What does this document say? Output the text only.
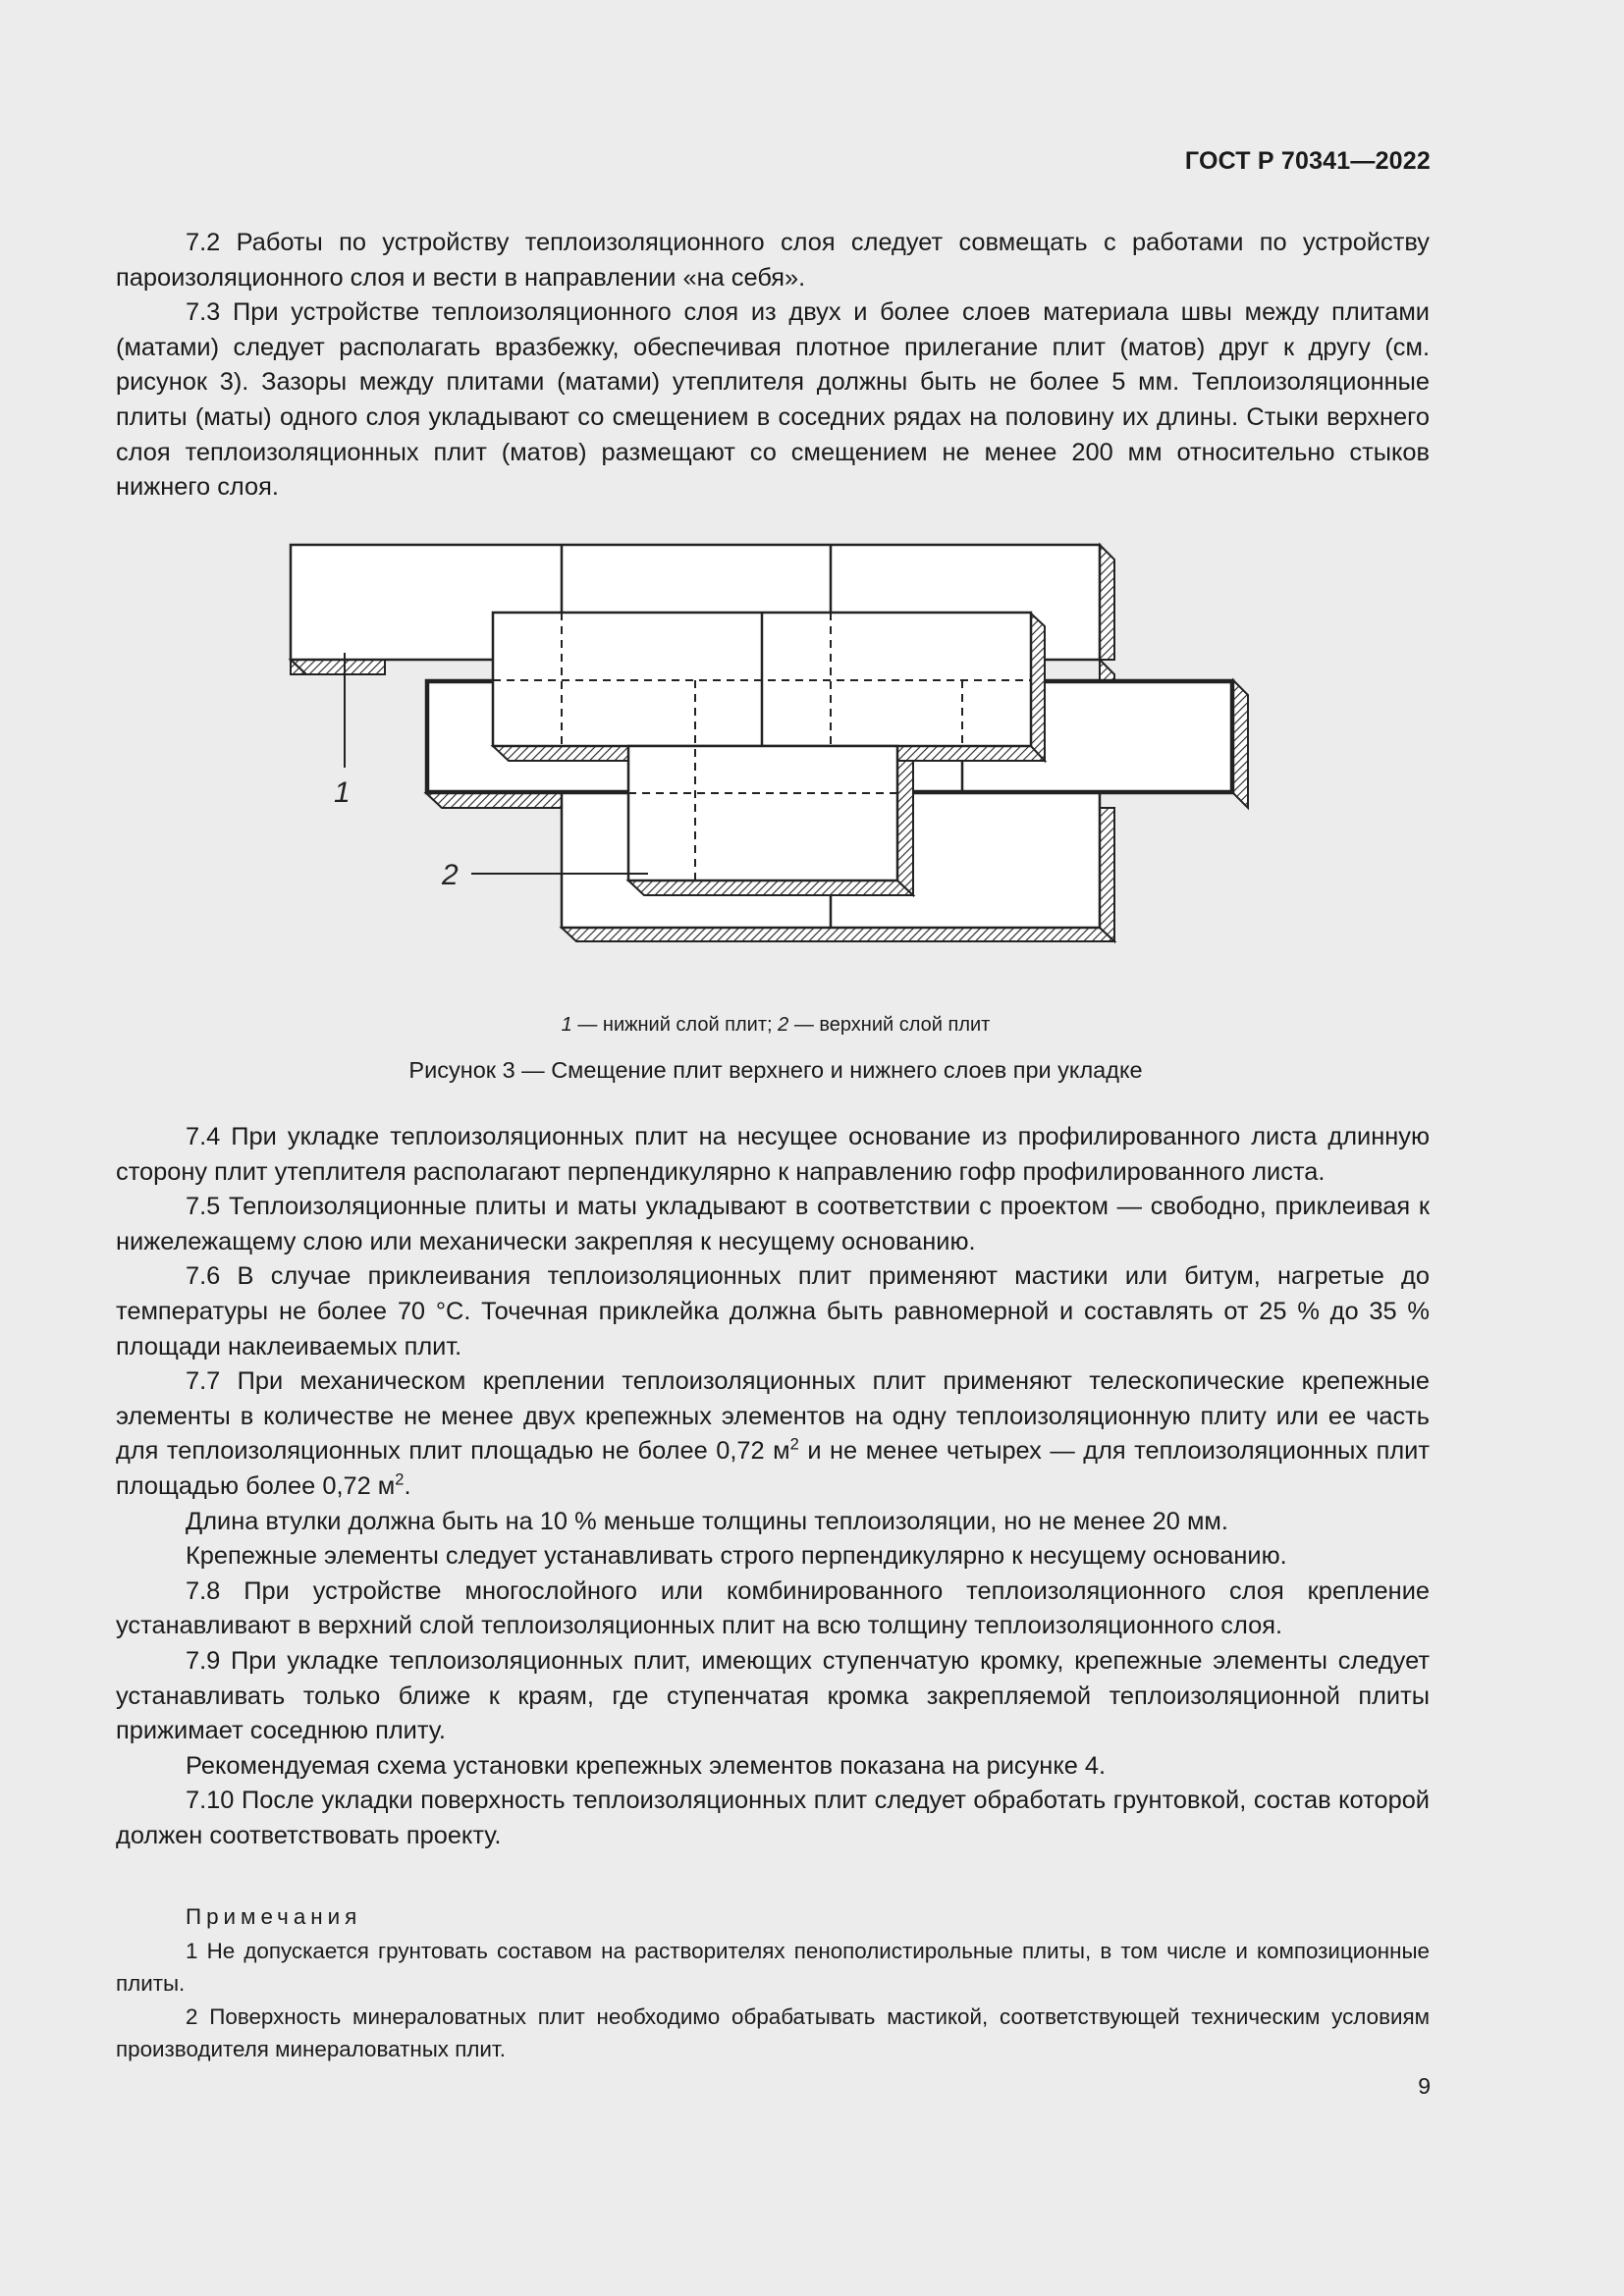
ГОСТ Р 70341—2022

7.2 Работы по устройству теплоизоляционного слоя следует совмещать с работами по устройству пароизоляционного слоя и вести в направлении «на себя».

7.3 При устройстве теплоизоляционного слоя из двух и более слоев материала швы между плитами (матами) следует располагать вразбежку, обеспечивая плотное прилегание плит (матов) друг к другу (см. рисунок 3). Зазоры между плитами (матами) утеплителя должны быть не более 5 мм. Теплоизоляционные плиты (маты) одного слоя укладывают со смещением в соседних рядах на половину их длины. Стыки верхнего слоя теплоизоляционных плит (матов) размещают со смещением не менее 200 мм относительно стыков нижнего слоя.

1
2
1 — нижний слой плит; 2 — верхний слой плит
Рисунок 3 — Смещение плит верхнего и нижнего слоев при укладке

7.4 При укладке теплоизоляционных плит на несущее основание из профилированного листа длинную сторону плит утеплителя располагают перпендикулярно к направлению гофр профилированного листа.

7.5 Теплоизоляционные плиты и маты укладывают в соответствии с проектом — свободно, приклеивая к нижележащему слою или механически закрепляя к несущему основанию.

7.6 В случае приклеивания теплоизоляционных плит применяют мастики или битум, нагретые до температуры не более 70 °С. Точечная приклейка должна быть равномерной и составлять от 25 % до 35 % площади наклеиваемых плит.

7.7 При механическом креплении теплоизоляционных плит применяют телескопические крепежные элементы в количестве не менее двух крепежных элементов на одну теплоизоляционную плиту или ее часть для теплоизоляционных плит площадью не более 0,72 $м^2$ и не менее четырех — для теплоизоляционных плит площадью более 0,72 $м^2$.

Длина втулки должна быть на 10 % меньше толщины теплоизоляции, но не менее 20 мм.

Крепежные элементы следует устанавливать строго перпендикулярно к несущему основанию.

7.8 При устройстве многослойного или комбинированного теплоизоляционного слоя крепление устанавливают в верхний слой теплоизоляционных плит на всю толщину теплоизоляционного слоя.

7.9 При укладке теплоизоляционных плит, имеющих ступенчатую кромку, крепежные элементы следует устанавливать только ближе к краям, где ступенчатая кромка закрепляемой теплоизоляционной плиты прижимает соседнюю плиту.

Рекомендуемая схема установки крепежных элементов показана на рисунке 4.

7.10 После укладки поверхность теплоизоляционных плит следует обработать грунтовкой, состав которой должен соответствовать проекту.

Примечания

1 Не допускается грунтовать составом на растворителях пенополистирольные плиты, в том числе и композиционные плиты.

2 Поверхность минераловатных плит необходимо обрабатывать мастикой, соответствующей техническим условиям производителя минераловатных плит.

9
